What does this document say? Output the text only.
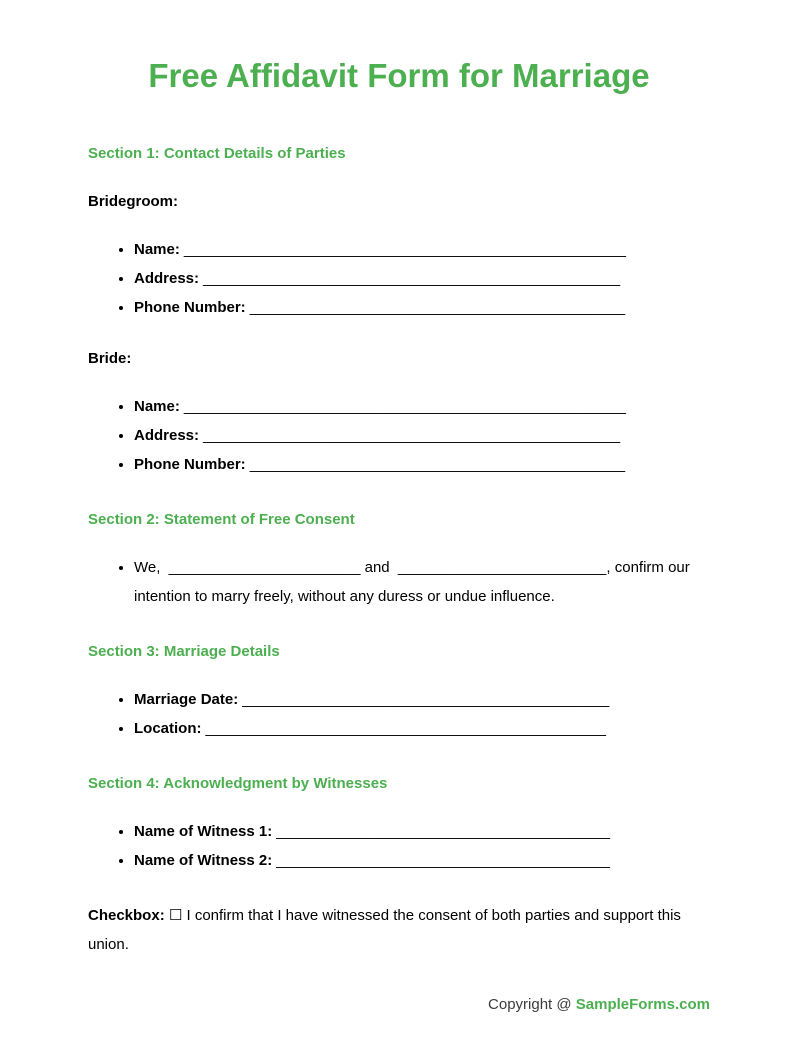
Free Affidavit Form for Marriage
Section 1: Contact Details of Parties

Bridegroom:

• Name: _____________________________________________________
• Address: __________________________________________________
• Phone Number: _____________________________________________

Bride:

• Name: _____________________________________________________
• Address: __________________________________________________
• Phone Number: _____________________________________________
Section 2: Statement of Free Consent
• We, _______________________ and _________________________, confirm our intention to marry freely, without any duress or undue influence.
Section 3: Marriage Details
• Marriage Date: ____________________________________________
• Location: ________________________________________________
Section 4: Acknowledgment by Witnesses
• Name of Witness 1: ________________________________________
• Name of Witness 2: ________________________________________

Checkbox: ☐ I confirm that I have witnessed the consent of both parties and support this union.

Copyright @ SampleForms.com
